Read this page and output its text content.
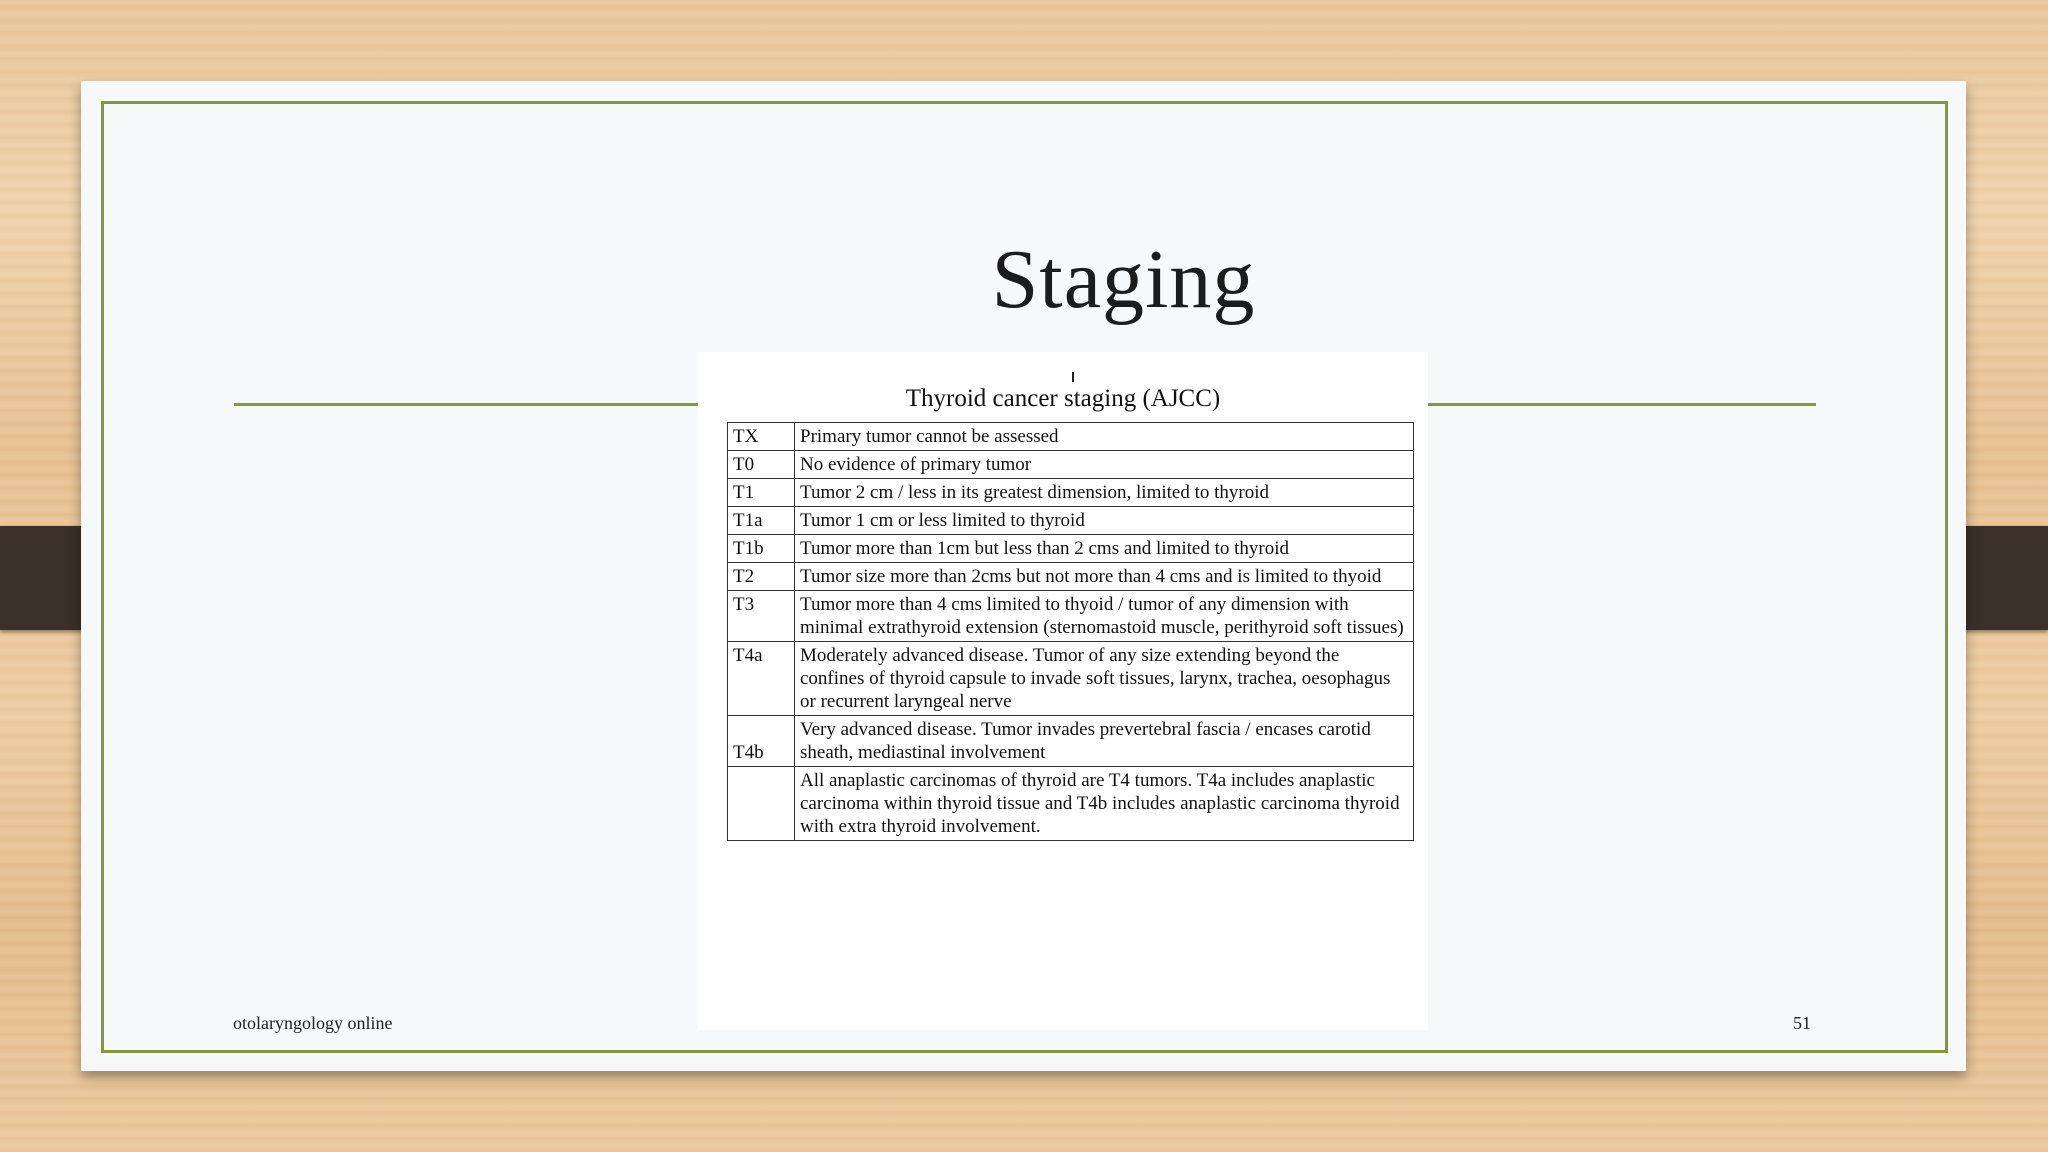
Staging
Thyroid cancer staging (AJCC)
TX	Primary tumor cannot be assessed
T0	No evidence of primary tumor
T1	Tumor 2 cm / less in its greatest dimension, limited to thyroid
T1a	Tumor 1 cm or less limited to thyroid
T1b	Tumor more than 1cm but less than 2 cms and limited to thyroid
T2	Tumor size more than 2cms but not more than 4 cms and is limited to thyoid
T3	Tumor more than 4 cms limited to thyoid / tumor of any dimension with minimal extrathyroid extension (sternomastoid muscle, perithyroid soft tissues)
T4a	Moderately advanced disease. Tumor of any size extending beyond the confines of thyroid capsule to invade soft tissues, larynx, trachea, oesophagus or recurrent laryngeal nerve
T4b	Very advanced disease. Tumor invades prevertebral fascia / encases carotid sheath, mediastinal involvement
	All anaplastic carcinomas of thyroid are T4 tumors. T4a includes anaplastic carcinoma within thyroid tissue and T4b includes anaplastic carcinoma thyroid with extra thyroid involvement.
otolaryngology online	51
